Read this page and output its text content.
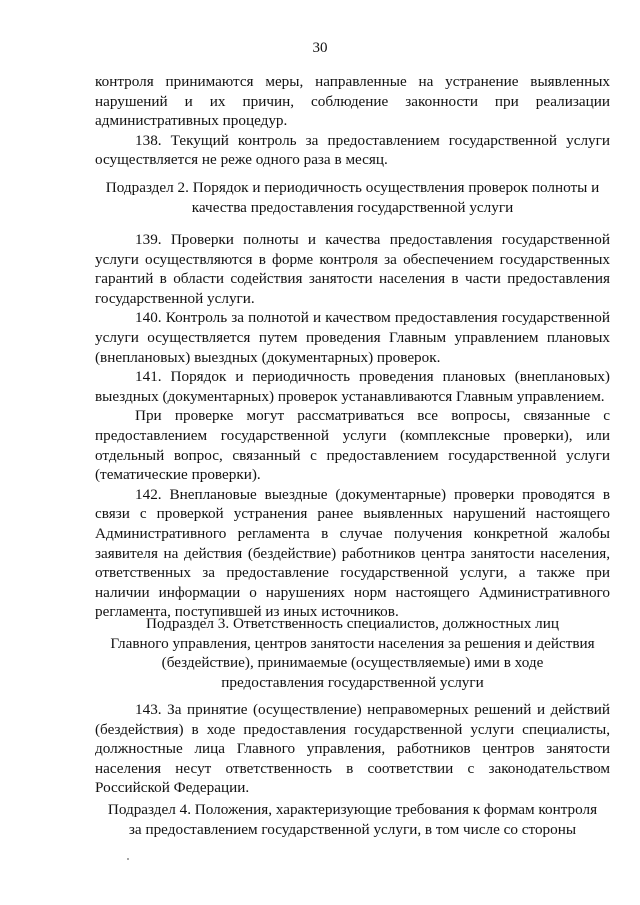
30

контроля принимаются меры, направленные на устранение выявленных нарушений и их причин, соблюдение законности при реализации административных процедур.

138. Текущий контроль за предоставлением государственной услуги осуществляется не реже одного раза в месяц.

Подраздел 2. Порядок и периодичность осуществления проверок полноты и
качества предоставления государственной услуги

139. Проверки полноты и качества предоставления государственной услуги осуществляются в форме контроля за обеспечением государственных гарантий в области содействия занятости населения в части предоставления государственной услуги.

140. Контроль за полнотой и качеством предоставления государственной услуги осуществляется путем проведения Главным управлением плановых (внеплановых) выездных (документарных) проверок.

141. Порядок и периодичность проведения плановых (внеплановых) выездных (документарных) проверок устанавливаются Главным управлением.

При проверке могут рассматриваться все вопросы, связанные с предоставлением государственной услуги (комплексные проверки), или отдельный вопрос, связанный с предоставлением государственной услуги (тематические проверки).

142. Внеплановые выездные (документарные) проверки проводятся в связи с проверкой устранения ранее выявленных нарушений настоящего Административного регламента в случае получения конкретной жалобы заявителя на действия (бездействие) работников центра занятости населения, ответственных за предоставление государственной услуги, а также при наличии информации о нарушениях норм настоящего Административного регламента, поступившей из иных источников.

Подраздел 3. Ответственность специалистов, должностных лиц
Главного управления, центров занятости населения за решения и действия
(бездействие), принимаемые (осуществляемые) ими в ходе
предоставления государственной услуги

143. За принятие (осуществление) неправомерных решений и действий (бездействия) в ходе предоставления государственной услуги специалисты, должностные лица Главного управления, работников центров занятости населения несут ответственность в соответствии с законодательством Российской Федерации.

Подраздел 4. Положения, характеризующие требования к формам контроля
за предоставлением государственной услуги, в том числе со стороны
